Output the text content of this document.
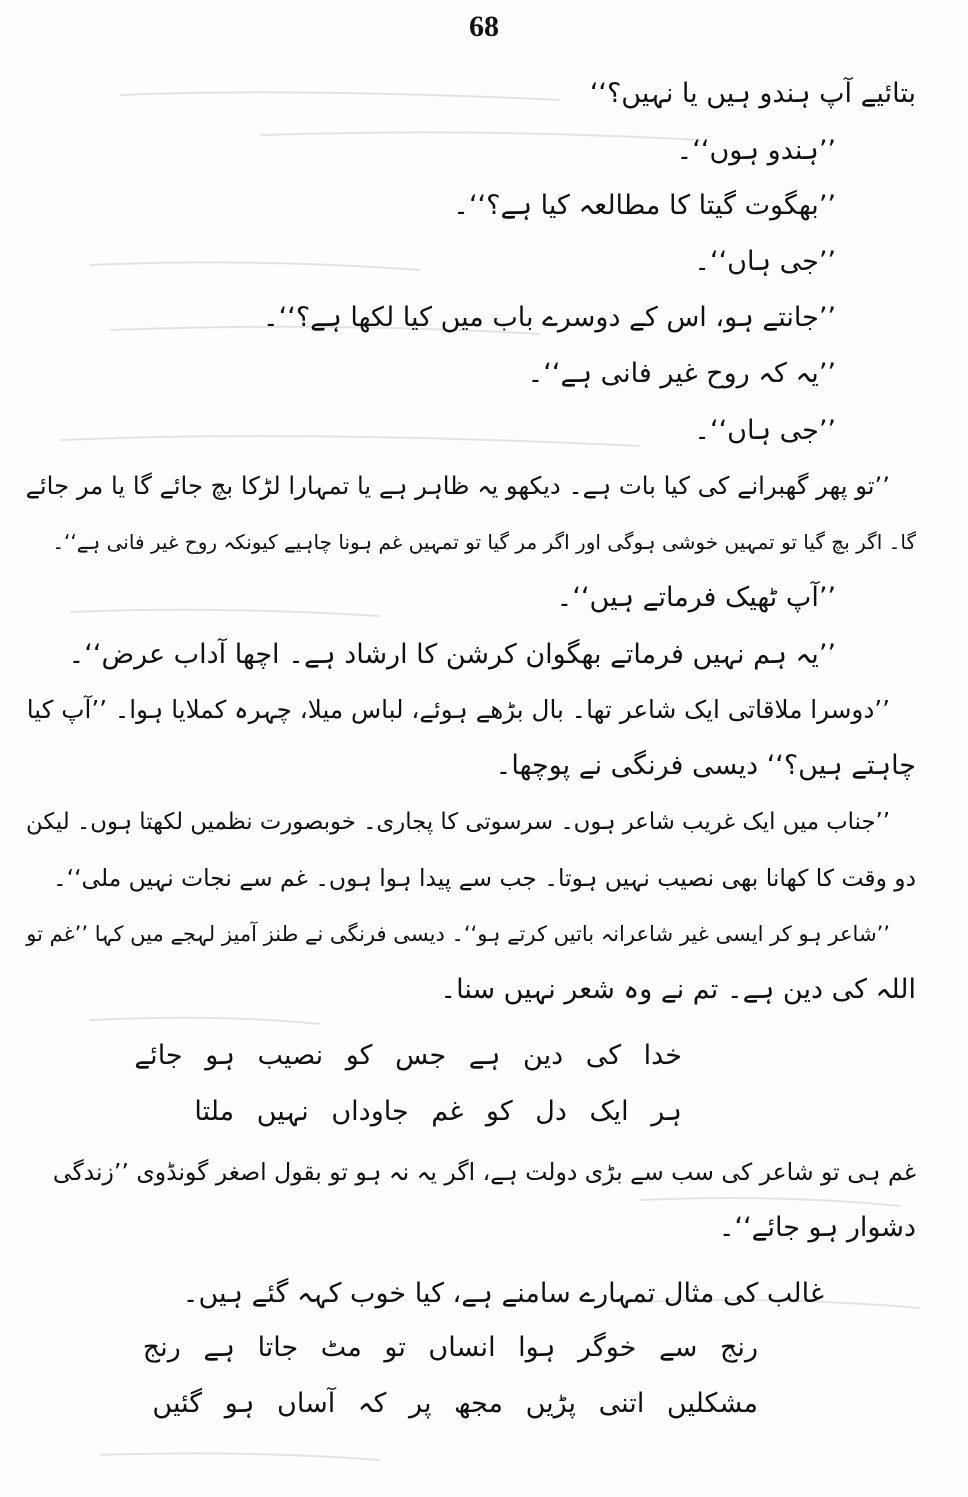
68
بتائیے آپ ہندو ہیں یا نہیں؟‘‘
’’ہندو ہوں‘‘۔
’’بھگوت گیتا کا مطالعہ کیا ہے؟‘‘۔
’’جی ہاں‘‘۔
’’جانتے ہو، اس کے دوسرے باب میں کیا لکھا ہے؟‘‘۔
’’یہ کہ روح غیر فانی ہے‘‘۔
’’جی ہاں‘‘۔
’’تو پھر گھبرانے کی کیا بات ہے۔ دیکھو یہ ظاہر ہے یا تمہارا لڑکا بچ جائے گا یا مر جائے
گا۔ اگر بچ گیا تو تمہیں خوشی ہوگی اور اگر مر گیا تو تمہیں غم ہونا چاہیے کیونکہ روح غیر فانی ہے‘‘۔
’’آپ ٹھیک فرماتے ہیں‘‘۔
’’یہ ہم نہیں فرماتے بھگوان کرشن کا ارشاد ہے۔ اچھا آداب عرض‘‘۔
’’دوسرا ملاقاتی ایک شاعر تھا۔ بال بڑھے ہوئے، لباس میلا، چہرہ کملایا ہوا۔ ’’آپ کیا
چاہتے ہیں؟‘‘ دیسی فرنگی نے پوچھا۔
’’جناب میں ایک غریب شاعر ہوں۔ سرسوتی کا پجاری۔ خوبصورت نظمیں لکھتا ہوں۔ لیکن
دو وقت کا کھانا بھی نصیب نہیں ہوتا۔ جب سے پیدا ہوا ہوں۔ غم سے نجات نہیں ملی‘‘۔
’’شاعر ہو کر ایسی غیر شاعرانہ باتیں کرتے ہو‘‘۔ دیسی فرنگی نے طنز آمیز لہجے میں کہا ’’غم تو
اللہ کی دین ہے۔ تم نے وہ شعر نہیں سنا۔
خدا کی دین ہے جس کو نصیب ہو جائے
ہر ایک دل کو غم جاوداں نہیں ملتا
غم ہی تو شاعر کی سب سے بڑی دولت ہے، اگر یہ نہ ہو تو بقول اصغر گونڈوی ’’زندگی
دشوار ہو جائے‘‘۔
غالب کی مثال تمہارے سامنے ہے، کیا خوب کہہ گئے ہیں۔
رنج سے خوگر ہوا انساں تو مٹ جاتا ہے رنج
مشکلیں اتنی پڑیں مجھ پر کہ آساں ہو گئیں
